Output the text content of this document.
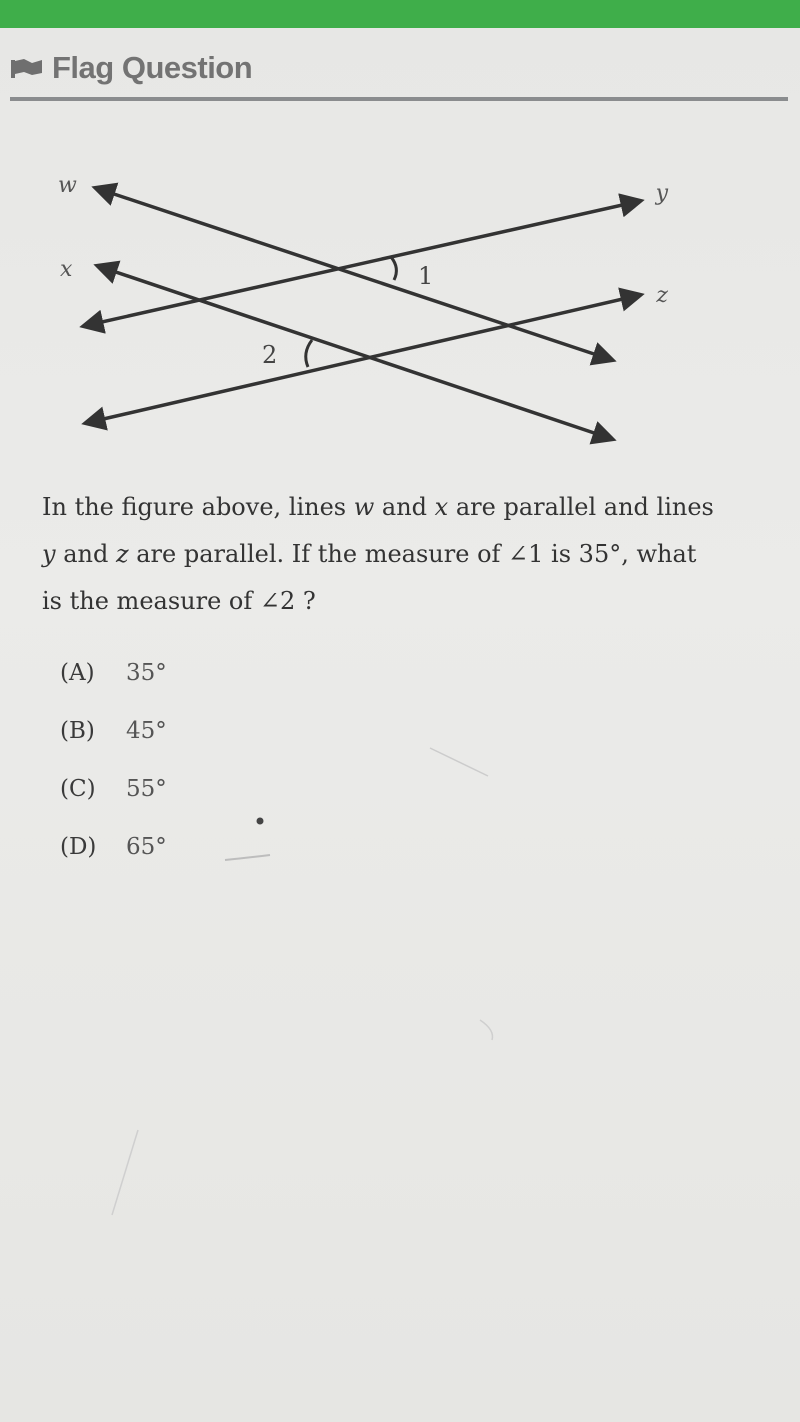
Flag Question
w
x
y
z
1
2
In the figure above, lines w and x are parallel and lines y and z are parallel. If the measure of ∠1 is 35°, what is the measure of ∠2 ?
(A)	35°
(B)	45°
(C)	55°
(D)	65°
